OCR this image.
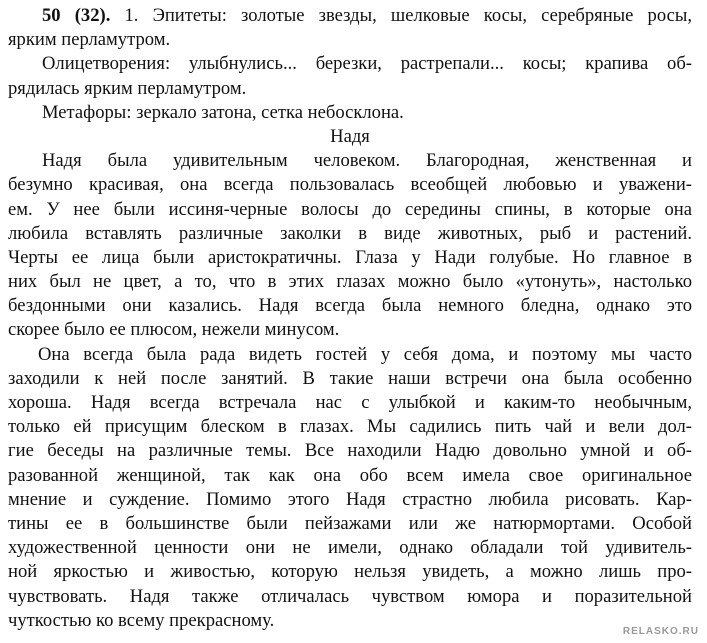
50 (32). 1. Эпитеты: золотые звезды, шелковые косы, серебряные росы,
ярким перламутром.
Олицетворения: улыбнулись... березки, растрепали... косы; крапива об-
рядилась ярким перламутром.
Метафоры: зеркало затона, сетка небосклона.
Надя
Надя была удивительным человеком. Благородная, женственная и
безумно красивая, она всегда пользовалась всеобщей любовью и уважени-
ем. У нее были иссиня-черные волосы до середины спины, в которые она
любила вставлять различные заколки в виде животных, рыб и растений.
Черты ее лица были аристократичны. Глаза у Нади голубые. Но главное в
них был не цвет, а то, что в этих глазах можно было «утонуть», настолько
бездонными они казались. Надя всегда была немного бледна, однако это
скорее было ее плюсом, нежели минусом.
Она всегда была рада видеть гостей у себя дома, и поэтому мы часто
заходили к ней после занятий. В такие наши встречи она была особенно
хороша. Надя всегда встречала нас с улыбкой и каким-то необычным,
только ей присущим блеском в глазах. Мы садились пить чай и вели дол-
гие беседы на различные темы. Все находили Надю довольно умной и об-
разованной женщиной, так как она обо всем имела свое оригинальное
мнение и суждение. Помимо этого Надя страстно любила рисовать. Кар-
тины ее в большинстве были пейзажами или же натюрмортами. Особой
художественной ценности они не имели, однако обладали той удивитель-
ной яркостью и живостью, которую нельзя увидеть, а можно лишь про-
чувствовать. Надя также отличалась чувством юмора и поразительной
чуткостью ко всему прекрасному.
RELASKO.RU
